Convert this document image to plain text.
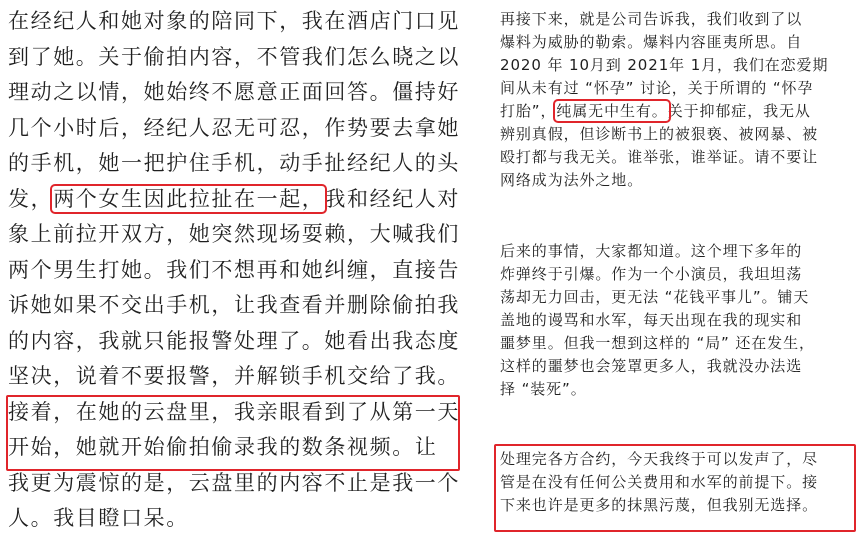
在经纪人和她对象的陪同下，我在酒店门口见
到了她。关于偷拍内容，不管我们怎么晓之以
理动之以情，她始终不愿意正面回答。僵持好
几个小时后，经纪人忍无可忍，作势要去拿她
的手机，她一把护住手机，动手扯经纪人的头
发，两个女生因此拉扯在一起，我和经纪人对
象上前拉开双方，她突然现场耍赖，大喊我们
两个男生打她。我们不想再和她纠缠，直接告
诉她如果不交出手机，让我查看并删除偷拍我
的内容，我就只能报警处理了。她看出我态度
坚决，说着不要报警，并解锁手机交给了我。
接着，在她的云盘里，我亲眼看到了从第一天
开始，她就开始偷拍偷录我的数条视频。让
我更为震惊的是，云盘里的内容不止是我一个
人。我目瞪口呆。
再接下来，就是公司告诉我，我们收到了以
爆料为威胁的勒索。爆料内容匪夷所思。自
2020 年 10月到 2021年 1月，我们在恋爱期
间从未有过 “怀孕” 讨论，关于所谓的 “怀孕
打胎”，纯属无中生有。关于抑郁症，我无从
辨别真假，但诊断书上的被狠亵、被网暴、被
殴打都与我无关。谁举张，谁举证。请不要让
网络成为法外之地。
后来的事情，大家都知道。这个埋下多年的
炸弹终于引爆。作为一个小演员，我坦坦荡
荡却无力回击，更无法 “花钱平事儿”。铺天
盖地的谩骂和水军，每天出现在我的现实和
噩梦里。但我一想到这样的 “局” 还在发生，
这样的噩梦也会笼罩更多人，我就没办法选
择 “装死”。
处理完各方合约，今天我终于可以发声了，尽
管是在没有任何公关费用和水军的前提下。接
下来也许是更多的抹黑污蔑，但我别无选择。
